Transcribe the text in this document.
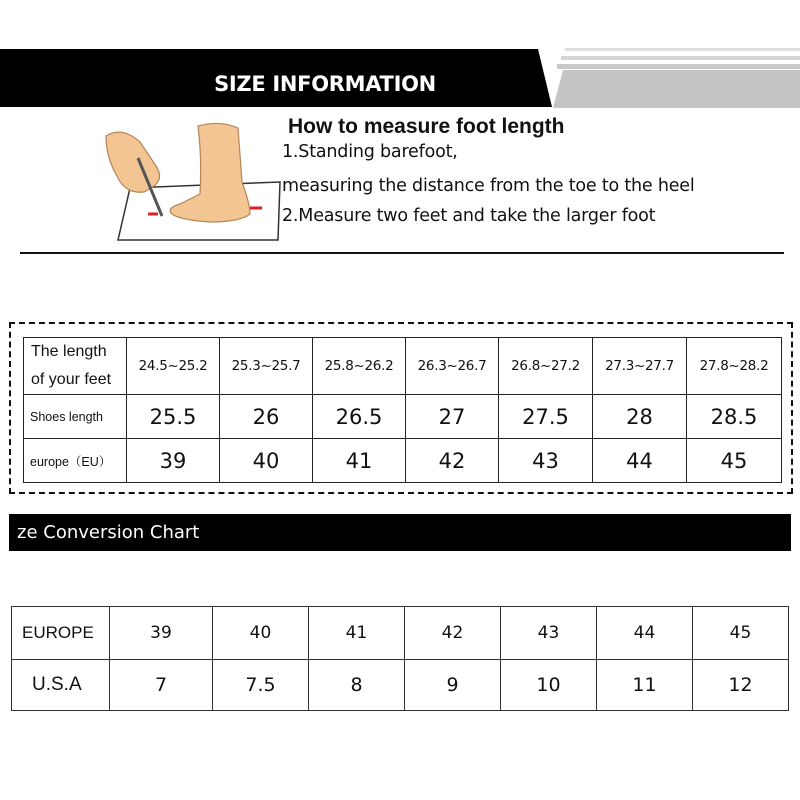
SIZE INFORMATION
How to measure foot length
1.Standing barefoot,
measuring the distance from the toe to the heel
2.Measure two feet and take the larger foot
The length
of your feet	24.5~25.2	25.3~25.7	25.8~26.2	26.3~26.7	26.8~27.2	27.3~27.7	27.8~28.2
Shoes length	25.5	26	26.5	27	27.5	28	28.5
europe（EU）	39	40	41	42	43	44	45
ze Conversion Chart
EUROPE	39	40	41	42	43	44	45
U.S.A	7	7.5	8	9	10	11	12
